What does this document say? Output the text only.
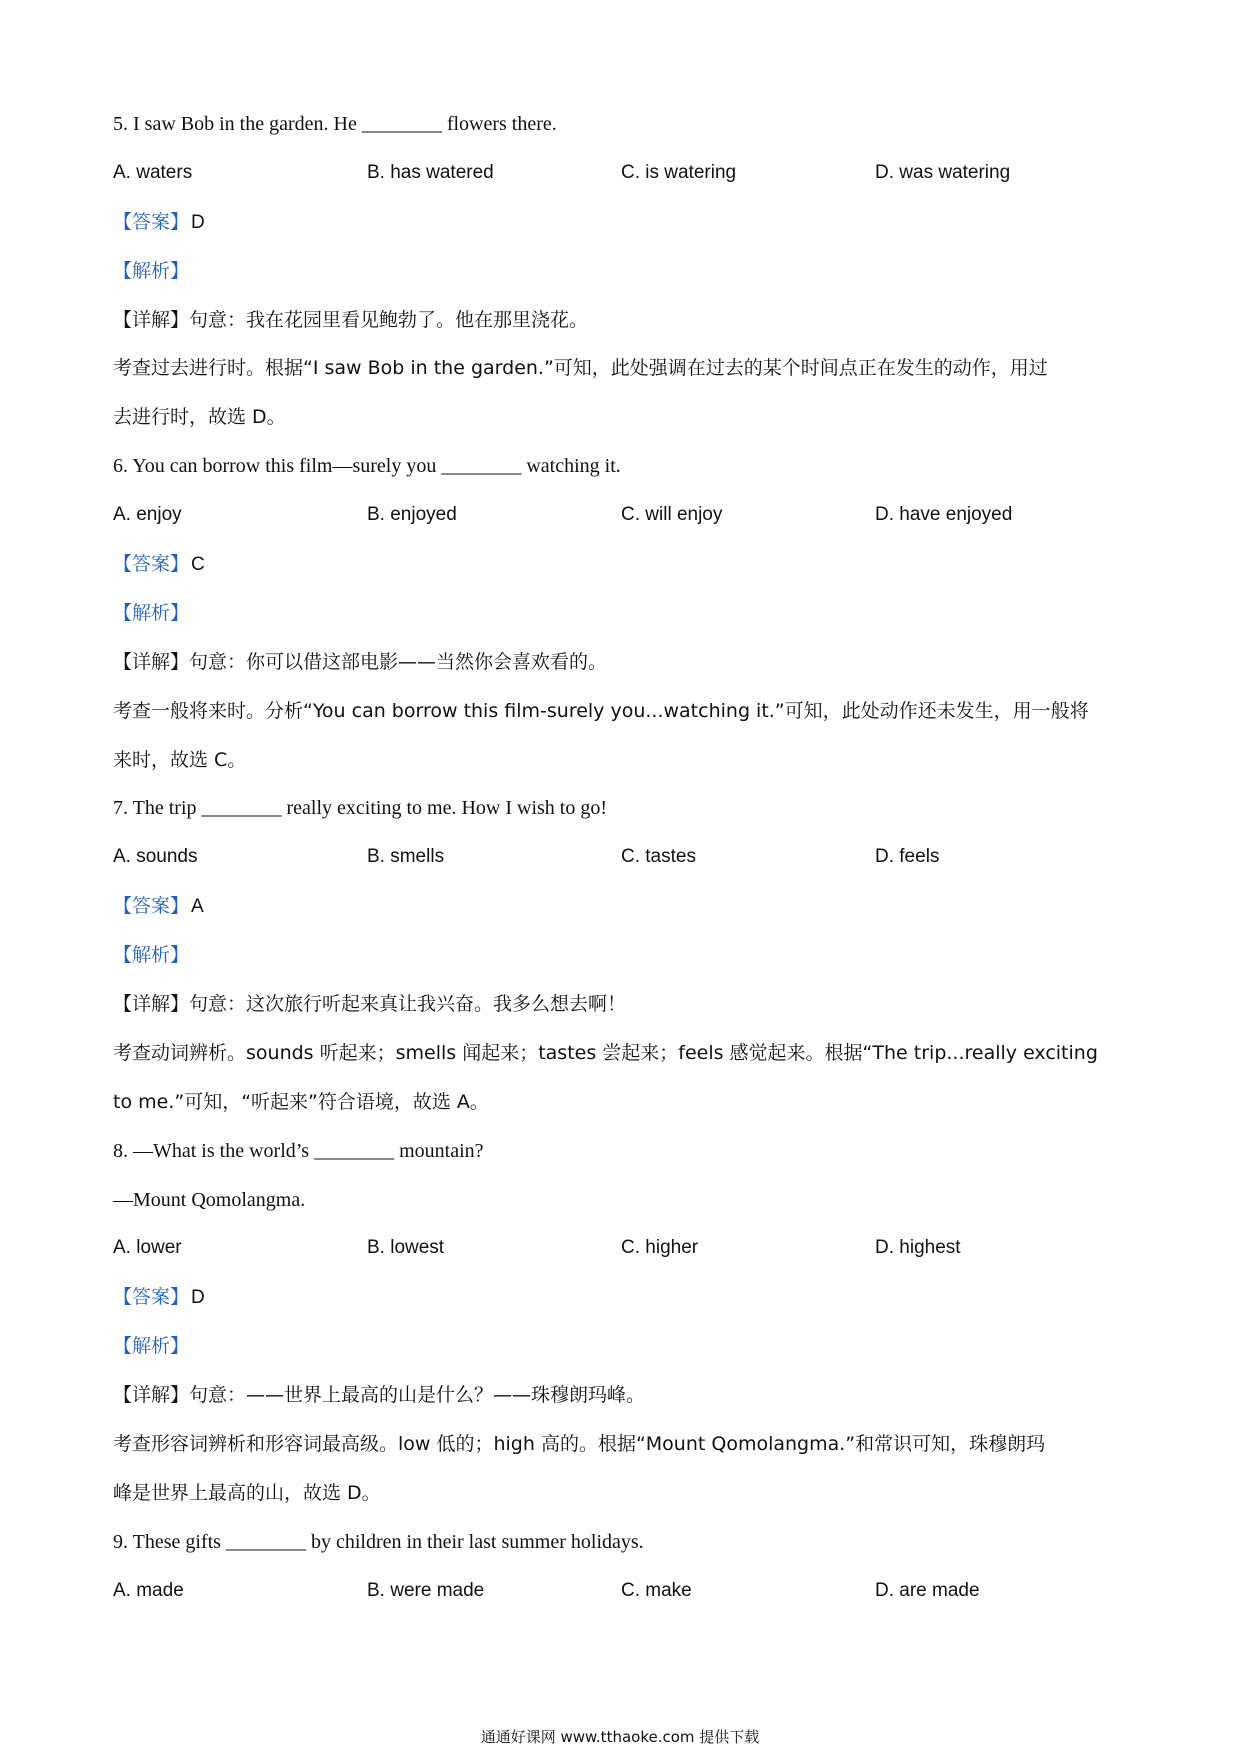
5. I saw Bob in the garden. He ________ flowers there.
A. waters	B. has watered	C. is watering	D. was watering
【答案】 D
【解析】
【详解】句意：我在花园里看见鲍勃了。他在那里浇花。
考查过去进行时。根据“I saw Bob in the garden.”可知，此处强调在过去的某个时间点正在发生的动作，用过
去进行时，故选 D。
6. You can borrow this film—surely you ________ watching it.
A. enjoy	B. enjoyed	C. will enjoy	D. have enjoyed
【答案】 C
【解析】
【详解】句意：你可以借这部电影——当然你会喜欢看的。
考查一般将来时。分析“You can borrow this film-surely you...watching it.”可知，此处动作还未发生，用一般将
来时，故选 C。
7. The trip ________ really exciting to me. How I wish to go!
A. sounds	B. smells	C. tastes	D. feels
【答案】 A
【解析】
【详解】句意：这次旅行听起来真让我兴奋。我多么想去啊！
考查动词辨析。sounds 听起来；smells 闻起来；tastes 尝起来；feels 感觉起来。根据“The trip...really exciting
to me.”可知，“听起来”符合语境，故选 A。
8. —What is the world’s ________ mountain?
—Mount Qomolangma.
A. lower	B. lowest	C. higher	D. highest
【答案】 D
【解析】
【详解】句意：——世界上最高的山是什么？——珠穆朗玛峰。
考查形容词辨析和形容词最高级。low 低的；high 高的。根据“Mount Qomolangma.”和常识可知，珠穆朗玛
峰是世界上最高的山，故选 D。
9. These gifts ________ by children in their last summer holidays.
A. made	B. were made	C. make	D. are made
通通好课网 www.tthaoke.com 提供下载
